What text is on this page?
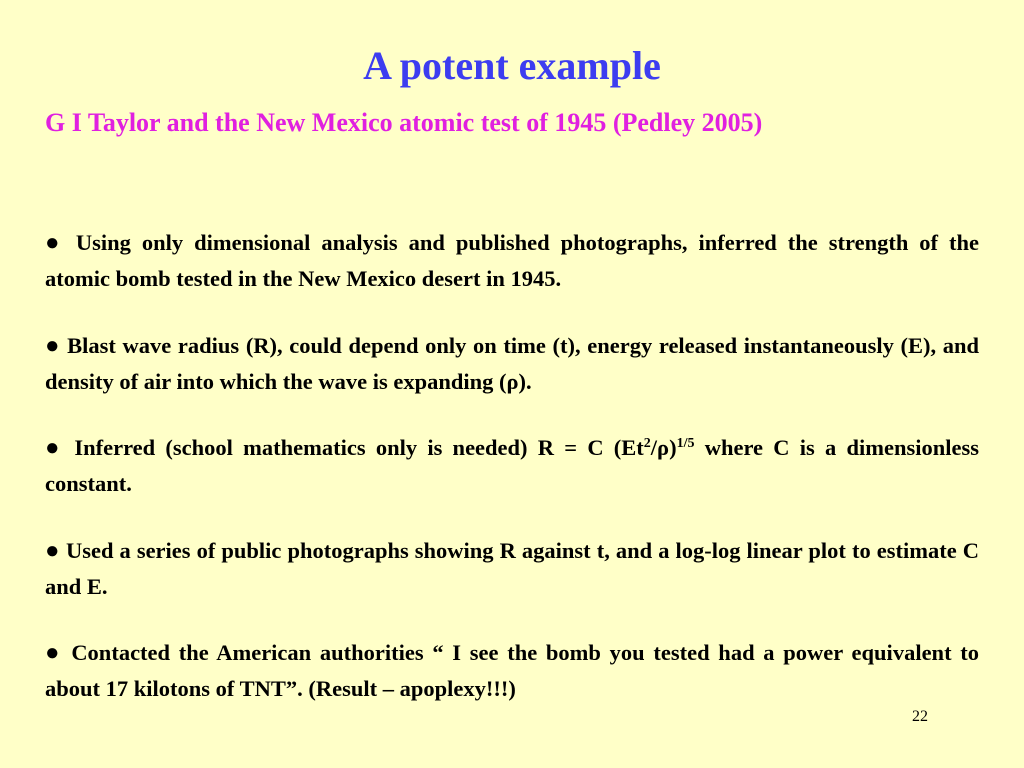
A potent example
G I Taylor and the New Mexico atomic test of 1945 (Pedley 2005)
● Using only dimensional analysis and published photographs, inferred the strength of the atomic bomb tested in the New Mexico desert in 1945.
● Blast wave radius (R), could depend only on time (t), energy released instantaneously (E), and density of air into which the wave is expanding (ρ).
● Inferred (school mathematics only is needed) R = C $(Et^2/\rho)^{1/5}$ where C is a dimensionless constant.
● Used a series of public photographs showing R against t, and a log-log linear plot to estimate C and E.
● Contacted the American authorities “ I see the bomb you tested had a power equivalent to about 17 kilotons of TNT”. (Result – apoplexy!!!)
22
